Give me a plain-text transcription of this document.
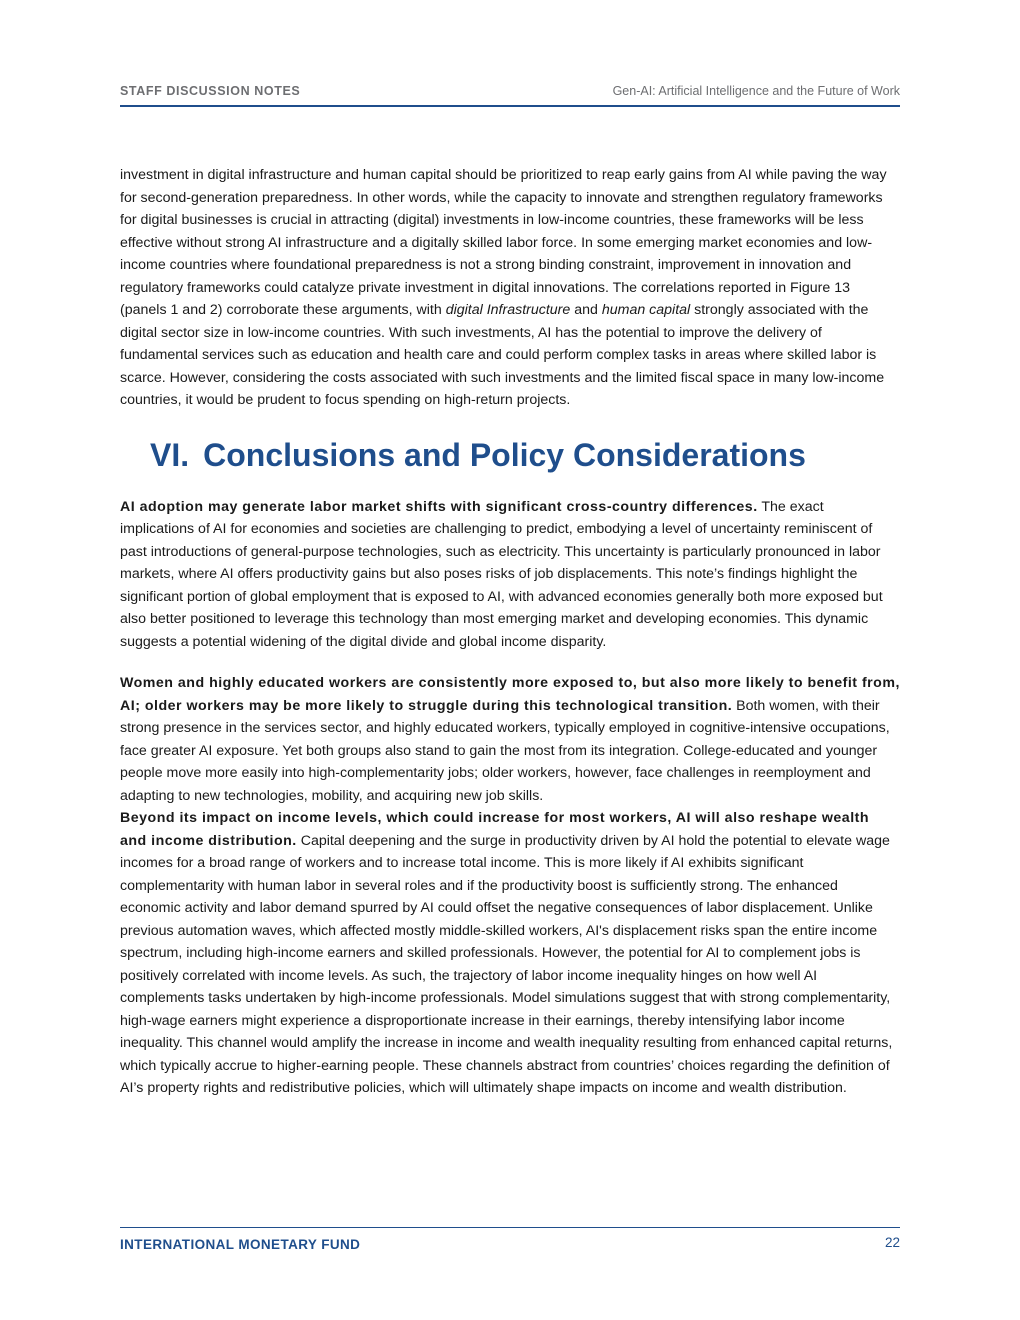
STAFF DISCUSSION NOTES	Gen-AI: Artificial Intelligence and the Future of Work

investment in digital infrastructure and human capital should be prioritized to reap early gains from AI while paving the way for second-generation preparedness. In other words, while the capacity to innovate and strengthen regulatory frameworks for digital businesses is crucial in attracting (digital) investments in low-income countries, these frameworks will be less effective without strong AI infrastructure and a digitally skilled labor force. In some emerging market economies and low-income countries where foundational preparedness is not a strong binding constraint, improvement in innovation and regulatory frameworks could catalyze private investment in digital innovations. The correlations reported in Figure 13 (panels 1 and 2) corroborate these arguments, with digital Infrastructure and human capital strongly associated with the digital sector size in low-income countries. With such investments, AI has the potential to improve the delivery of fundamental services such as education and health care and could perform complex tasks in areas where skilled labor is scarce. However, considering the costs associated with such investments and the limited fiscal space in many low-income countries, it would be prudent to focus spending on high-return projects.

VI. Conclusions and Policy Considerations

AI adoption may generate labor market shifts with significant cross-country differences. The exact implications of AI for economies and societies are challenging to predict, embodying a level of uncertainty reminiscent of past introductions of general-purpose technologies, such as electricity. This uncertainty is particularly pronounced in labor markets, where AI offers productivity gains but also poses risks of job displacements. This note’s findings highlight the significant portion of global employment that is exposed to AI, with advanced economies generally both more exposed but also better positioned to leverage this technology than most emerging market and developing economies. This dynamic suggests a potential widening of the digital divide and global income disparity.

Women and highly educated workers are consistently more exposed to, but also more likely to benefit from, AI; older workers may be more likely to struggle during this technological transition. Both women, with their strong presence in the services sector, and highly educated workers, typically employed in cognitive-intensive occupations, face greater AI exposure. Yet both groups also stand to gain the most from its integration. College-educated and younger people move more easily into high-complementarity jobs; older workers, however, face challenges in reemployment and adapting to new technologies, mobility, and acquiring new job skills.

Beyond its impact on income levels, which could increase for most workers, AI will also reshape wealth and income distribution. Capital deepening and the surge in productivity driven by AI hold the potential to elevate wage incomes for a broad range of workers and to increase total income. This is more likely if AI exhibits significant complementarity with human labor in several roles and if the productivity boost is sufficiently strong. The enhanced economic activity and labor demand spurred by AI could offset the negative consequences of labor displacement. Unlike previous automation waves, which affected mostly middle-skilled workers, AI's displacement risks span the entire income spectrum, including high-income earners and skilled professionals. However, the potential for AI to complement jobs is positively correlated with income levels. As such, the trajectory of labor income inequality hinges on how well AI complements tasks undertaken by high-income professionals. Model simulations suggest that with strong complementarity, high-wage earners might experience a disproportionate increase in their earnings, thereby intensifying labor income inequality. This channel would amplify the increase in income and wealth inequality resulting from enhanced capital returns, which typically accrue to higher-earning people. These channels abstract from countries’ choices regarding the definition of AI’s property rights and redistributive policies, which will ultimately shape impacts on income and wealth distribution.

INTERNATIONAL MONETARY FUND	22
